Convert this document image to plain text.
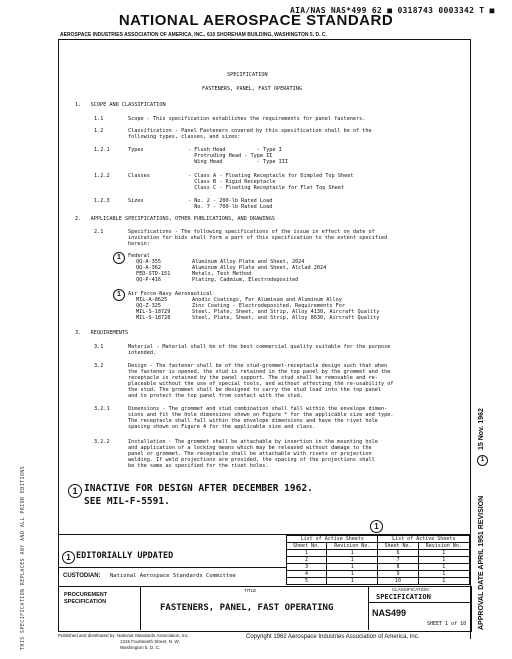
AIA/NAS NAS*499 62 ■ 0318743 0003342 T ■
NATIONAL AEROSPACE STANDARD
AEROSPACE INDUSTRIES ASSOCIATION OF AMERICA, INC., 610 SHOREHAM BUILDING, WASHINGTON 5, D. C.
THIS SPECIFICATION REPLACES ANY AND ALL PRIOR EDITIONS	APPROVAL DATE APRIL 1951 REVISION
15 Nov. 1962
1
SPECIFICATION
FASTENERS, PANEL, FAST OPERATING
1.   SCOPE AND CLASSIFICATION
1.1	Scope - This specification establishes the requirements for panel fasteners.
1.2	Classification - Panel Fasteners covered by this specification shall be of the
following types, classes, and sizes:
1.2.1	Types	- Flush Head          - Type I
Protruding Head - Type II
Wing Head           - Type III
1.2.2	Classes	- Class A - Floating Receptacle for Dimpled Top Sheet
Class B - Rigid Receptacle
Class C - Floating Receptacle for Flat Top Sheet
1.2.3	Sizes	- No. 2 - 200-lb Rated Load
No. 7 - 700-lb Rated Load
2.   APPLICABLE SPECIFICATIONS, OTHER PUBLICATIONS, AND DRAWINGS
2.1	Specifications - The following specifications of the issue in effect on date of
invitation for bids shall form a part of this specification to the extent specified
herein:
1	Federal
QQ-A-355	Aluminum Alloy Plate and Sheet, 2024
QQ-A-362	Aluminum Alloy Plate and Sheet, Alclad 2024
FED-STD-151	Metals, Test Method
QQ-P-416	Plating, Cadmium, Electrodeposited
1	Air Force-Navy Aeronautical
MIL-A-8625	Anodic Coatings, For Aluminum and Aluminum Alloy
QQ-Z-325	Zinc Coating - Electrodeposited, Requirements For
MIL-S-18729	Steel, Plate, Sheet, and Strip, Alloy 4130, Aircraft Quality
MIL-S-18728	Steel, Plate, Sheet, and Strip, Alloy 8630, Aircraft Quality
3.   REQUIREMENTS
3.1	Material - Material shall be of the best commercial quality suitable for the purpose
intended.
3.2	Design - The fastener shall be of the stud-grommet-receptacle design such that when
the fastener is opened, the stud is retained in the top panel by the grommet and the
receptacle is retained by the panel support. The stud shall be removable and re-
placeable without the use of special tools, and without affecting the re-usability of
the stud. The grommet shall be designed to carry the stud load into the top panel
and to protect the top panel from contact with the stud.
3.2.1	Dimensions - The grommet and stud combination shall fall within the envelope dimen-
sions and fit the hole dimensions shown on Figure * for the applicable size and type.
The receptacle shall fall within the envelope dimensions and have the rivet hole
spacing shown on Figure 4 for the applicable size and class.
3.2.2	Installation - The grommet shall be attachable by insertion in the mounting hole
and application of a locking means which may be released without damage to the
panel or grommet. The receptacle shall be attachable with rivets or projection
welding. If weld projections are provided, the spacing of the projections shall
be the same as specified for the rivet holes.
1 INACTIVE FOR DESIGN AFTER DECEMBER 1962.
SEE MIL-F-5591.
1
1 EDITORIALLY UPDATED
List of Active Sheets		List of Active Sheets	
Sheet No.	Revision No.	Sheet No.	Revision No.
1	1	6	1
2	1	7	1
3	1	8	1
4	1	9	1
5	1	10	1
CUSTODIAN: National Aerospace Standards Committee
PROCUREMENT SPECIFICATION
TITLE
FASTENERS, PANEL, FAST OPERATING
CLASSIFICATION
SPECIFICATION
NAS499
SHEET 1 of 10
Published and distributed by: National Standards Association, Inc.
1315 Fourteenth Street, N. W.
Washington 5, D. C.
Copyright 1962 Aerospace Industries Association of America, Inc.
